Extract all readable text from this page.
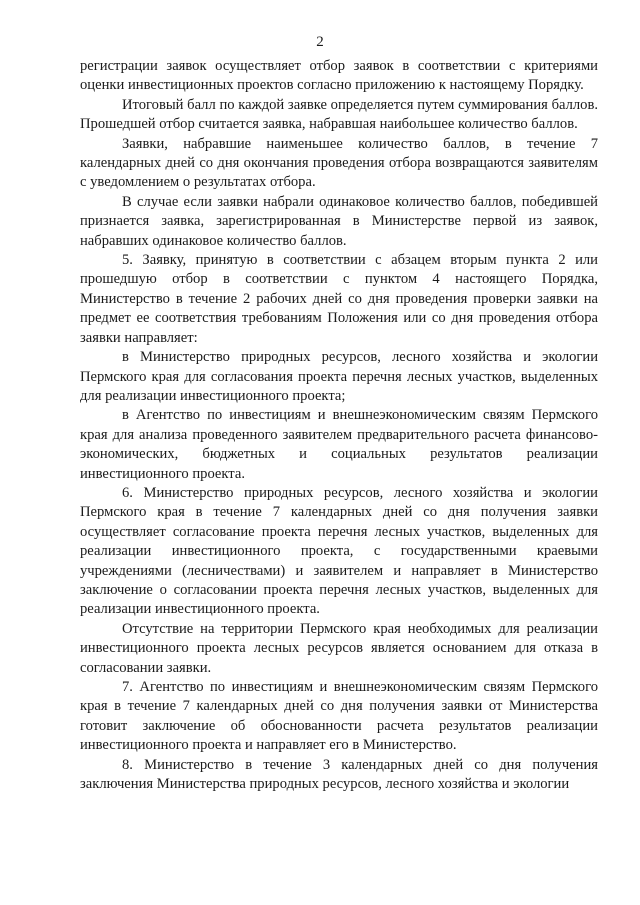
2

регистрации заявок осуществляет отбор заявок в соответствии с критериями оценки инвестиционных проектов согласно приложению к настоящему Порядку.

Итоговый балл по каждой заявке определяется путем суммирования баллов. Прошедшей отбор считается заявка, набравшая наибольшее количество баллов.

Заявки, набравшие наименьшее количество баллов, в течение 7 календарных дней со дня окончания проведения отбора возвращаются заявителям с уведомлением о результатах отбора.

В случае если заявки набрали одинаковое количество баллов, победившей признается заявка, зарегистрированная в Министерстве первой из заявок, набравших одинаковое количество баллов.

5. Заявку, принятую в соответствии с абзацем вторым пункта 2 или прошедшую отбор в соответствии с пунктом 4 настоящего Порядка, Министерство в течение 2 рабочих дней со дня проведения проверки заявки на предмет ее соответствия требованиям Положения или со дня проведения отбора заявки направляет:

в Министерство природных ресурсов, лесного хозяйства и экологии Пермского края для согласования проекта перечня лесных участков, выделенных для реализации инвестиционного проекта;

в Агентство по инвестициям и внешнеэкономическим связям Пермского края для анализа проведенного заявителем предварительного расчета финансово-экономических, бюджетных и социальных результатов реализации инвестиционного проекта.

6. Министерство природных ресурсов, лесного хозяйства и экологии Пермского края в течение 7 календарных дней со дня получения заявки осуществляет согласование проекта перечня лесных участков, выделенных для реализации инвестиционного проекта, с государственными краевыми учреждениями (лесничествами) и заявителем и направляет в Министерство заключение о согласовании проекта перечня лесных участков, выделенных для реализации инвестиционного проекта.

Отсутствие на территории Пермского края необходимых для реализации инвестиционного проекта лесных ресурсов является основанием для отказа в согласовании заявки.

7. Агентство по инвестициям и внешнеэкономическим связям Пермского края в течение 7 календарных дней со дня получения заявки от Министерства готовит заключение об обоснованности расчета результатов реализации инвестиционного проекта и направляет его в Министерство.

8. Министерство в течение 3 календарных дней со дня получения заключения Министерства природных ресурсов, лесного хозяйства и экологии
